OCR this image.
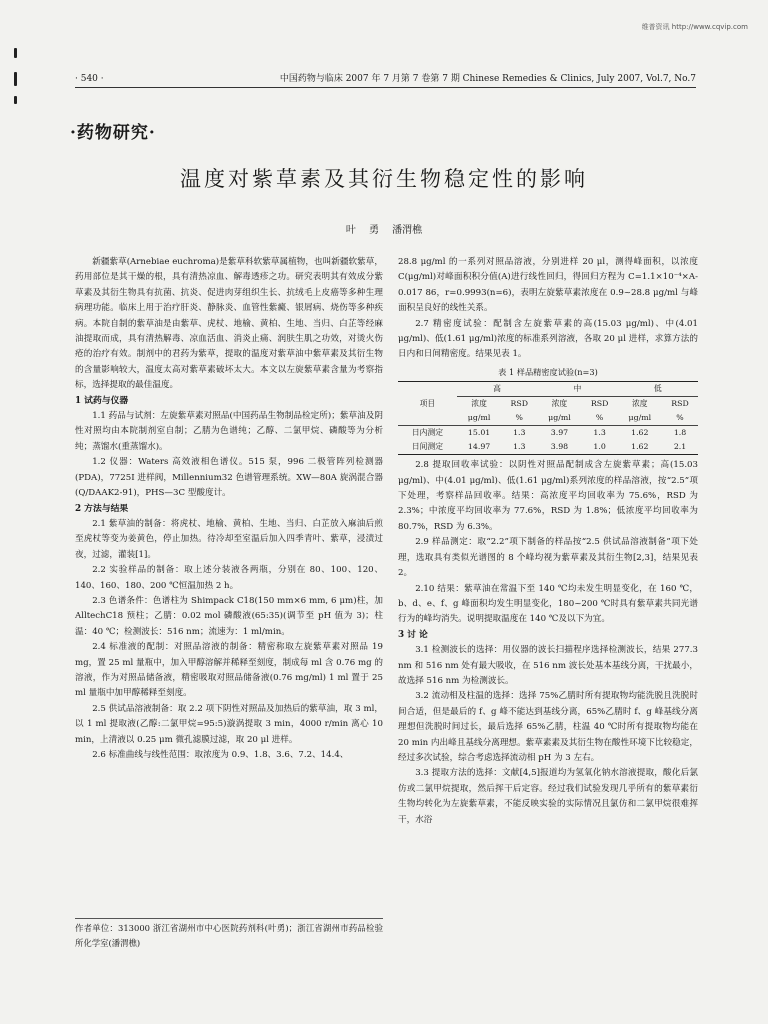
维普资讯 http://www.cqvip.com
· 540 ·	中国药物与临床 2007 年 7 月第 7 卷第 7 期 Chinese Remedies & Clinics, July 2007, Vol.7, No.7
·药物研究·
温度对紫草素及其衍生物稳定性的影响
叶 勇 潘渭樵

新疆紫草(Arnebiae euchroma)是紫草科软紫草属植物，也叫新疆软紫草，药用部位是其干燥的根，具有清热凉血、解毒透疹之功。研究表明其有效成分紫草素及其衍生物具有抗菌、抗炎、促进肉芽组织生长、抗绒毛上皮癌等多种生理病理功能。临床上用于治疗肝炎、静脉炎、血管性紫癜、银屑病、烧伤等多种疾病。本院自制的紫草油是由紫草、虎杖、地榆、黄柏、生地、当归、白芷等经麻油提取而成，具有清热解毒、凉血活血、消炎止痛、润肤生肌之功效，对烫火伤疮的治疗有效。制剂中的君药为紫草，提取的温度对紫草油中紫草素及其衍生物的含量影响较大，温度太高对紫草素破坏太大。本文以左旋紫草素含量为考察指标，选择提取的最佳温度。

1 试药与仪器

1.1 药品与试剂：左旋紫草素对照品(中国药品生物制品检定所)；紫草油及阴性对照均由本院制剂室自制；乙腈为色谱纯；乙醇、二氯甲烷、磷酸等为分析纯；蒸馏水(重蒸馏水)。

1.2 仪器：Waters 高效液相色谱仪。515 泵，996 二极管阵列检测器(PDA)，7725I 进样阀，Millennium32 色谱管理系统。XW—80A 旋涡混合器(Q/DAAK2-91)，PHS—3C 型酸度计。

2 方法与结果

2.1 紫草油的制备：将虎杖、地榆、黄柏、生地、当归、白芷放入麻油后煎至虎杖等变为姜黄色，停止加热。待冷却至室温后加入四季青叶、紫草，浸渍过夜，过滤，灌装[1]。

2.2 实验样品的制备：取上述分装液各两瓶，分别在 80、100、120、140、160、180、200 ℃恒温加热 2 h。

2.3 色谱条件：色谱柱为 Shimpack C18(150 mm×6 mm, 6 μm)柱，加 AlltechC18 预柱；乙腈：0.02 mol 磷酸液(65:35)(调节至 pH 值为 3)；柱温：40 ℃；检测波长：516 nm；流速为：1 ml/min。

2.4 标准液的配制：对照品溶液的制备：精密称取左旋紫草素对照品 19 mg，置 25 ml 量瓶中，加入甲醇溶解并稀释至刻度，制成每 ml 含 0.76 mg 的溶液，作为对照品储备液，精密吸取对照品储备液(0.76 mg/ml) 1 ml 置于 25 ml 量瓶中加甲醇稀释至刻度。

2.5 供试品溶液制备：取 2.2 项下阴性对照品及加热后的紫草油，取 3 ml，以 1 ml 提取液(乙醇:二氯甲烷=95:5)漩涡提取 3 min，4000 r/min 离心 10 min，上清液以 0.25 μm 微孔滤膜过滤，取 20 μl 进样。

2.6 标准曲线与线性范围：取浓度为 0.9、1.8、3.6、7.2、14.4、

28.8 μg/ml 的一系列对照品溶液，分别进样 20 μl，测得峰面积，以浓度 C(μg/ml)对峰面积积分值(A)进行线性回归，得回归方程为 C=1.1×10⁻⁴×A-0.017 86，r=0.9993(n=6)，表明左旋紫草素浓度在 0.9~28.8 μg/ml 与峰面积呈良好的线性关系。

2.7 精密度试验：配制含左旋紫草素的高(15.03 μg/ml)、中(4.01 μg/ml)、低(1.61 μg/ml)浓度的标准系列溶液，各取 20 μl 进样，求算方法的日内和日间精密度。结果见表 1。

表 1 样品精密度试验(n=3)
项目	高		中		低	
	浓度	RSD	浓度	RSD	浓度	RSD
	μg/ml	%	μg/ml	%	μg/ml	%
日内测定	15.01	1.3	3.97	1.3	1.62	1.8
日间测定	14.97	1.3	3.98	1.0	1.62	2.1

2.8 提取回收率试验：以阴性对照品配制成含左旋紫草素；高(15.03 μg/ml)、中(4.01 μg/ml)、低(1.61 μg/ml)系列浓度的样品溶液，按“2.5”项下处理，考察样品回收率。结果：高浓度平均回收率为 75.6%，RSD 为 2.3%；中浓度平均回收率为 77.6%，RSD 为 1.8%；低浓度平均回收率为 80.7%，RSD 为 6.3%。

2.9 样品测定：取“2.2”项下制备的样品按“2.5 供试品溶液制备”项下处理，选取具有类似光谱图的 8 个峰均视为紫草素及其衍生物[2,3]，结果见表 2。

2.10 结果：紫草油在常温下至 140 ℃均未发生明显变化，在 160 ℃，b、d、e、f、g 峰面积均发生明显变化，180~200 ℃时具有紫草素共同光谱行为的峰均消失。说明提取温度在 140 ℃及以下为宜。

3 讨 论

3.1 检测波长的选择：用仪器的波长扫描程序选择检测波长，结果 277.3 nm 和 516 nm 处有最大吸收，在 516 nm 波长处基本基线分离，干扰最小，故选择 516 nm 为检测波长。

3.2 流动相及柱温的选择：选择 75%乙腈时所有提取物均能洗脱且洗脱时间合适，但是最后的 f、g 峰不能达到基线分离，65%乙腈时 f、g 峰基线分离理想但洗脱时间过长，最后选择 65%乙腈，柱温 40 ℃时所有提取物均能在 20 min 内出峰且基线分离理想。紫草素素及其衍生物在酸性环境下比较稳定，经过多次试验，综合考虑选择流动相 pH 为 3 左右。

3.3 提取方法的选择：文献[4,5]报道均为氢氧化钠水溶液提取，酸化后氯仿或二氯甲烷提取，然后挥干后定容。经过我们试验发现几乎所有的紫草素衍生物均转化为左旋紫草素，不能反映实验的实际情况且氯仿和二氯甲烷很难挥干，水浴

作者单位：313000 浙江省湖州市中心医院药剂科(叶勇)；浙江省湖州市药品检验所化学室(潘渭樵)
